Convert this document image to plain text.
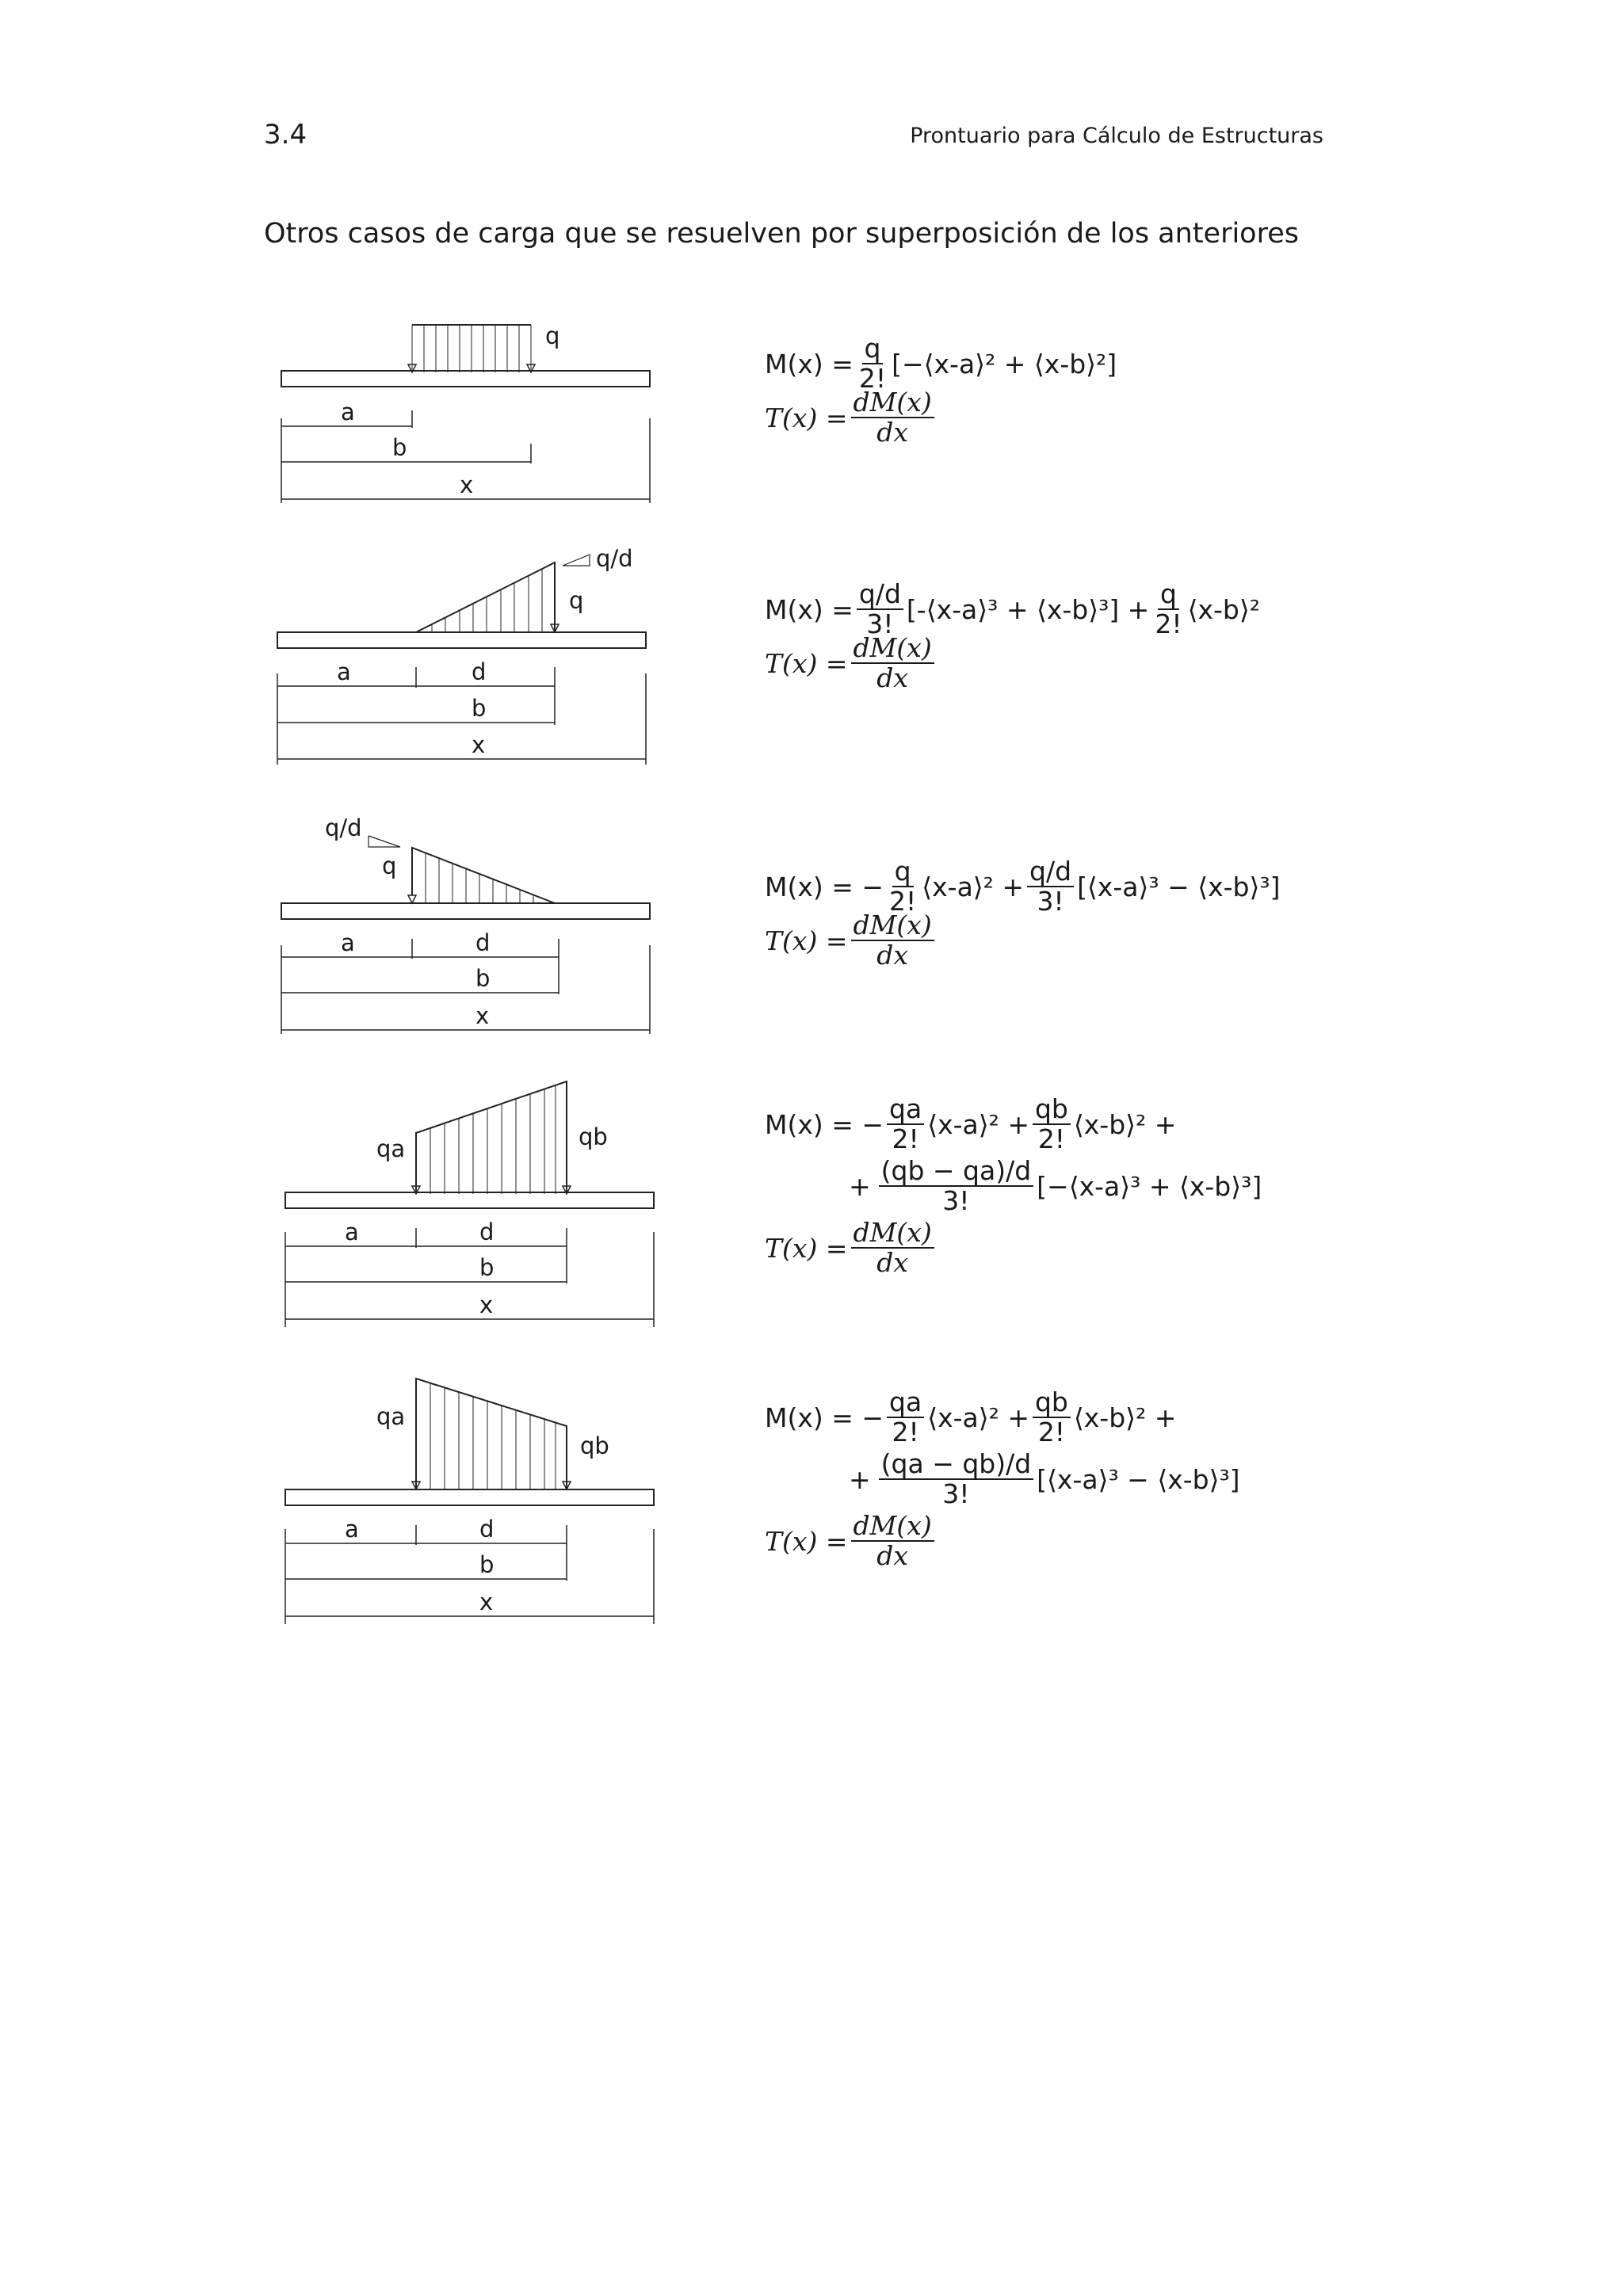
3.4	Prontuario para Cálculo de Estructuras
Otros casos de carga que se resuelven por superposición de los anteriores
q
a
b
x
$M(x) = \frac{q}{2!}$ [−⟨x-a⟩² + ⟨x-b⟩²]
$T(x) = \frac{dM(x)}{dx}$
q/d
q
a	d
b
x
$M(x) = \frac{q/d}{3!}$ [-⟨x-a⟩³ + ⟨x-b⟩³] + $\frac{q}{2!}$ ⟨x-b⟩²
$T(x) = \frac{dM(x)}{dx}$
q/d
q
a	d
b
x
M(x) = − $\frac{q}{2!}$ ⟨x-a⟩² + $\frac{q/d}{3!}$ [⟨x-a⟩³ − ⟨x-b⟩³]
$T(x) = \frac{dM(x)}{dx}$
qa	qb
a	d
b
x
M(x) = − $\frac{qa}{2!}$ ⟨x-a⟩² + $\frac{qb}{2!}$ ⟨x-b⟩² +
+ $\frac{(qb - qa)/d}{3!}$ [−⟨x-a⟩³ + ⟨x-b⟩³]
$T(x) = \frac{dM(x)}{dx}$
qa
qb
a	d
b
x
M(x) = − $\frac{qa}{2!}$ ⟨x-a⟩² + $\frac{qb}{2!}$ ⟨x-b⟩² +
+ $\frac{(qa - qb)/d}{3!}$ [⟨x-a⟩³ − ⟨x-b⟩³]
$T(x) = \frac{dM(x)}{dx}$
